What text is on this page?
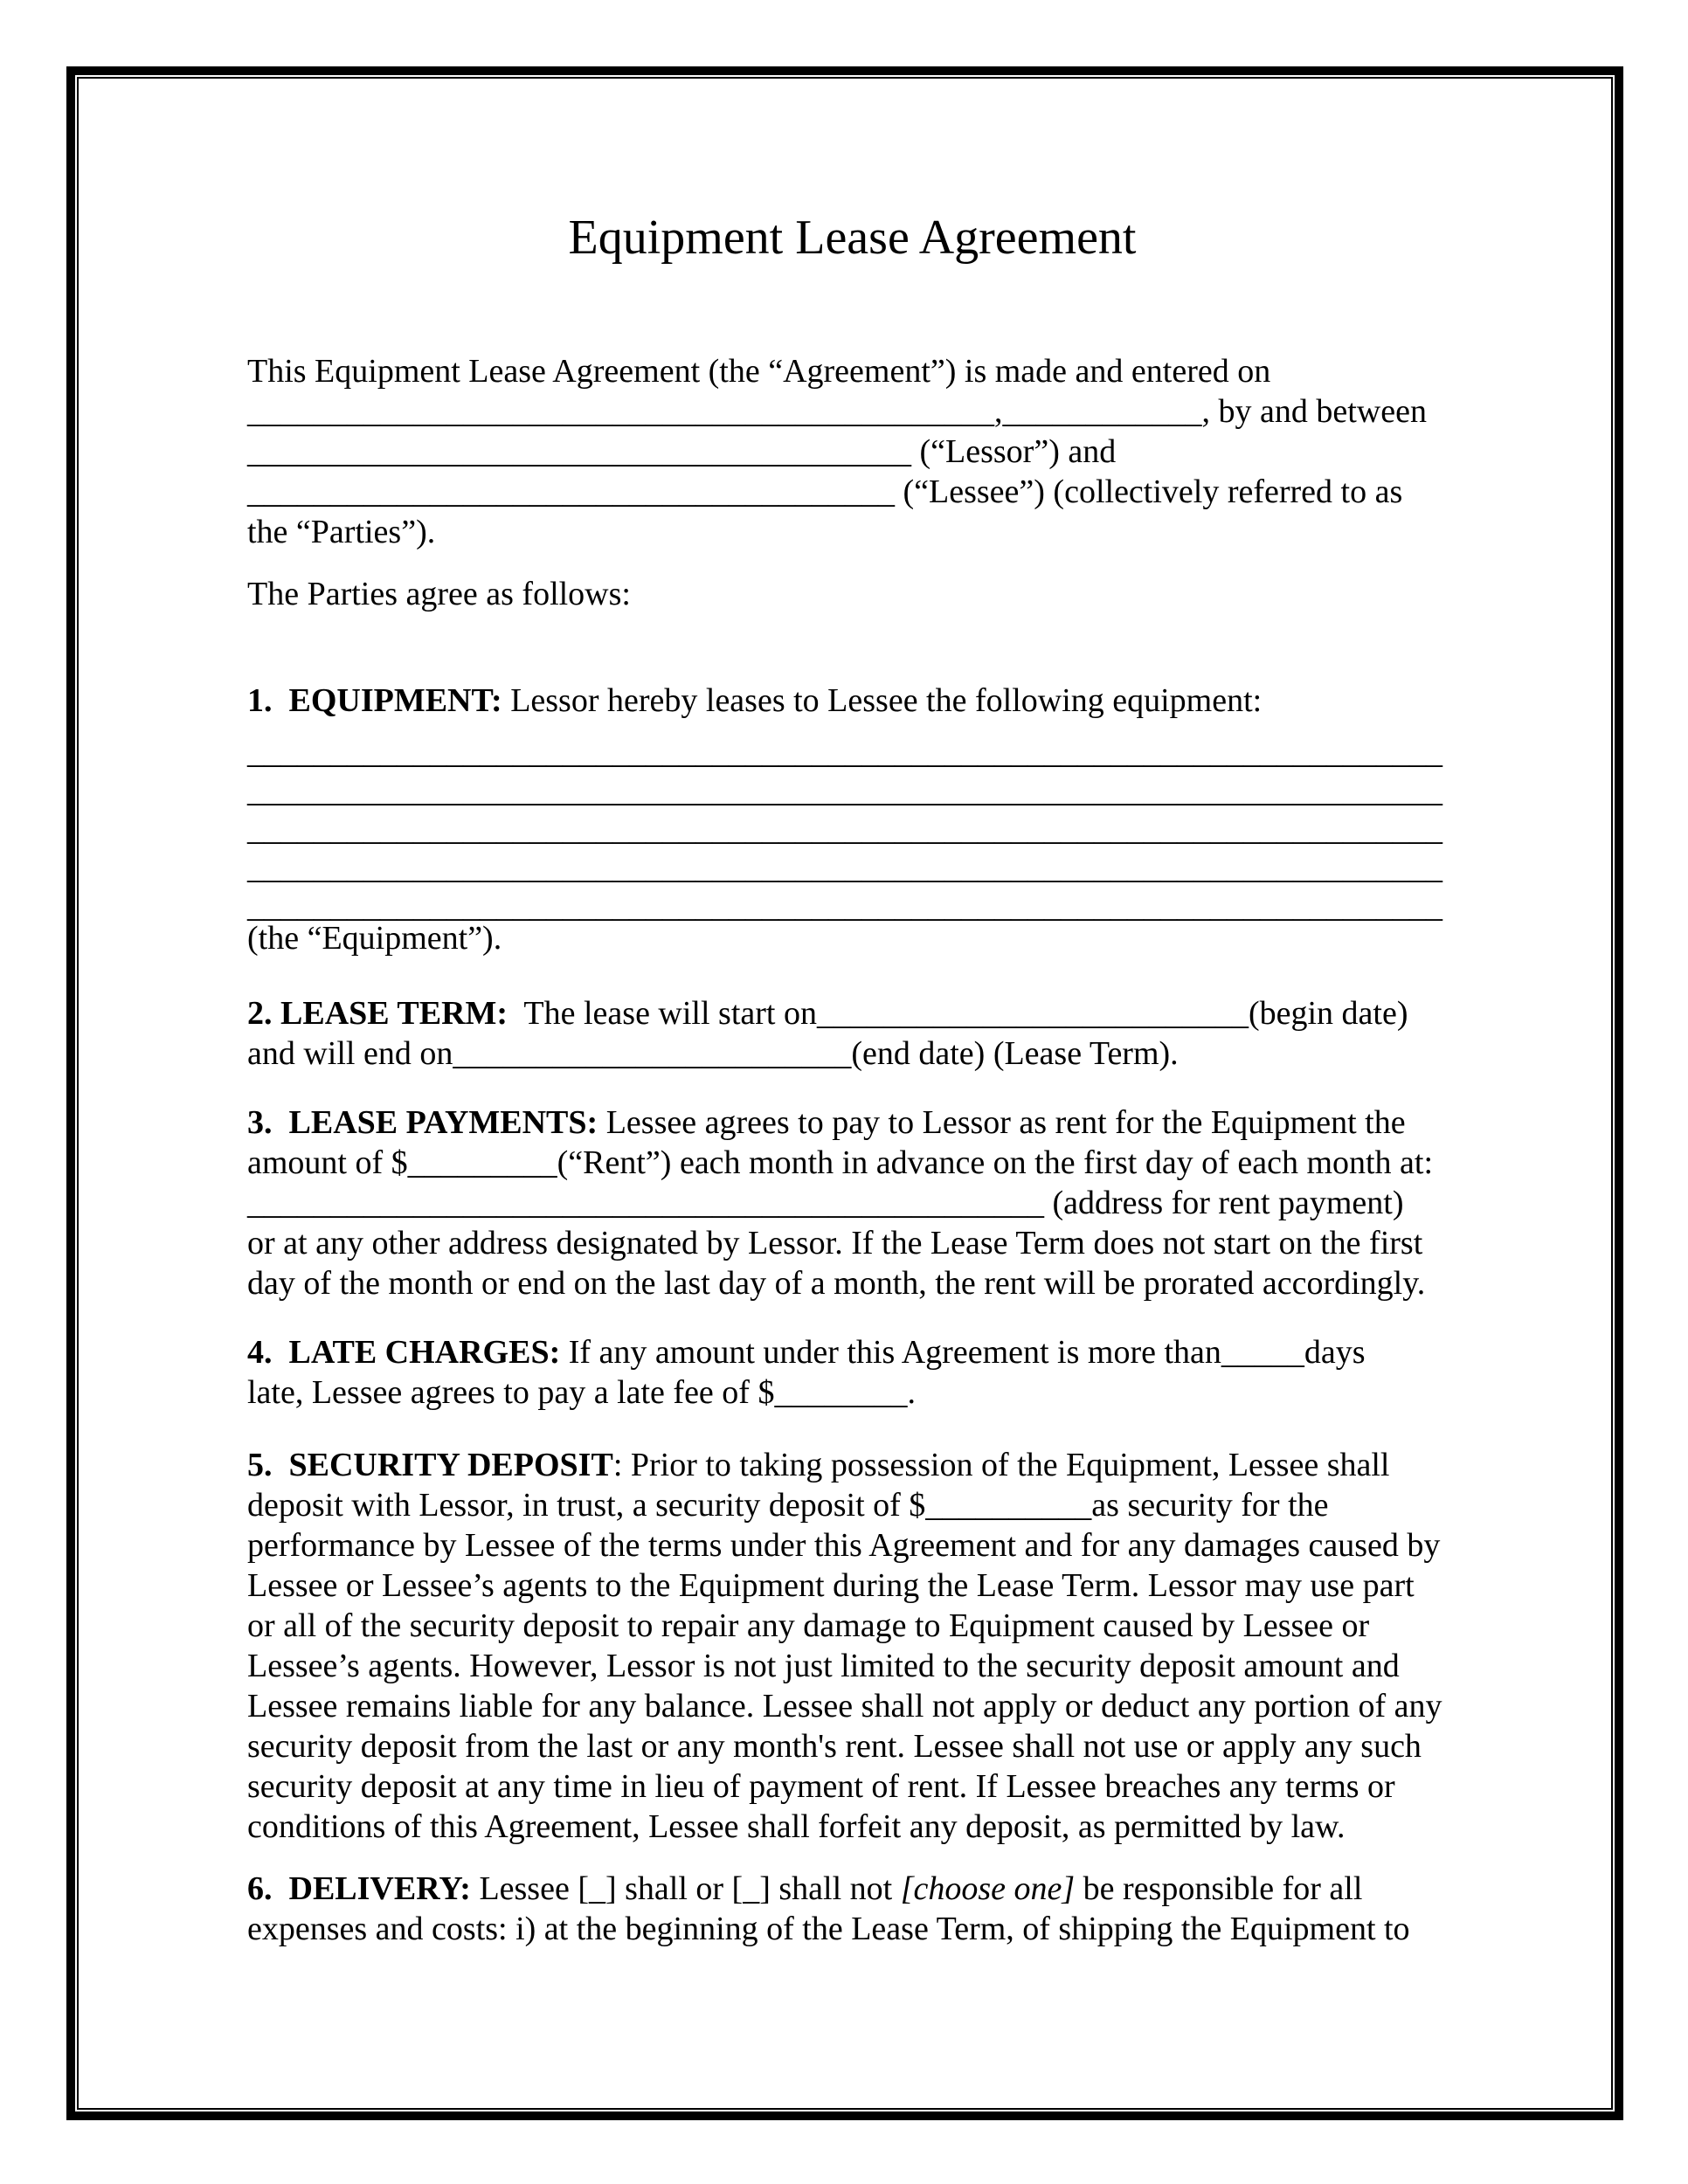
Equipment Lease Agreement
This Equipment Lease Agreement (the “Agreement”) is made and entered on
_____________________________________________,____________, by and between
________________________________________ (“Lessor”) and
_______________________________________ (“Lessee”) (collectively referred to as
the “Parties”).
The Parties agree as follows:
1.  EQUIPMENT: Lessor hereby leases to Lessee the following equipment:
________________________________________________________________________
________________________________________________________________________
________________________________________________________________________
________________________________________________________________________
________________________________________________________________________
(the “Equipment”).
2. LEASE TERM:  The lease will start on__________________________(begin date)
and will end on________________________(end date) (Lease Term).
3.  LEASE PAYMENTS: Lessee agrees to pay to Lessor as rent for the Equipment the
amount of $_________(“Rent”) each month in advance on the first day of each month at:
________________________________________________ (address for rent payment)
or at any other address designated by Lessor. If the Lease Term does not start on the first
day of the month or end on the last day of a month, the rent will be prorated accordingly.
4.  LATE CHARGES: If any amount under this Agreement is more than_____days
late, Lessee agrees to pay a late fee of $________.
5.  SECURITY DEPOSIT: Prior to taking possession of the Equipment, Lessee shall
deposit with Lessor, in trust, a security deposit of $__________as security for the
performance by Lessee of the terms under this Agreement and for any damages caused by
Lessee or Lessee’s agents to the Equipment during the Lease Term. Lessor may use part
or all of the security deposit to repair any damage to Equipment caused by Lessee or
Lessee’s agents. However, Lessor is not just limited to the security deposit amount and
Lessee remains liable for any balance. Lessee shall not apply or deduct any portion of any
security deposit from the last or any month's rent. Lessee shall not use or apply any such
security deposit at any time in lieu of payment of rent. If Lessee breaches any terms or
conditions of this Agreement, Lessee shall forfeit any deposit, as permitted by law.
6.  DELIVERY: Lessee [_] shall or [_] shall not [choose one] be responsible for all
expenses and costs: i) at the beginning of the Lease Term, of shipping the Equipment to
